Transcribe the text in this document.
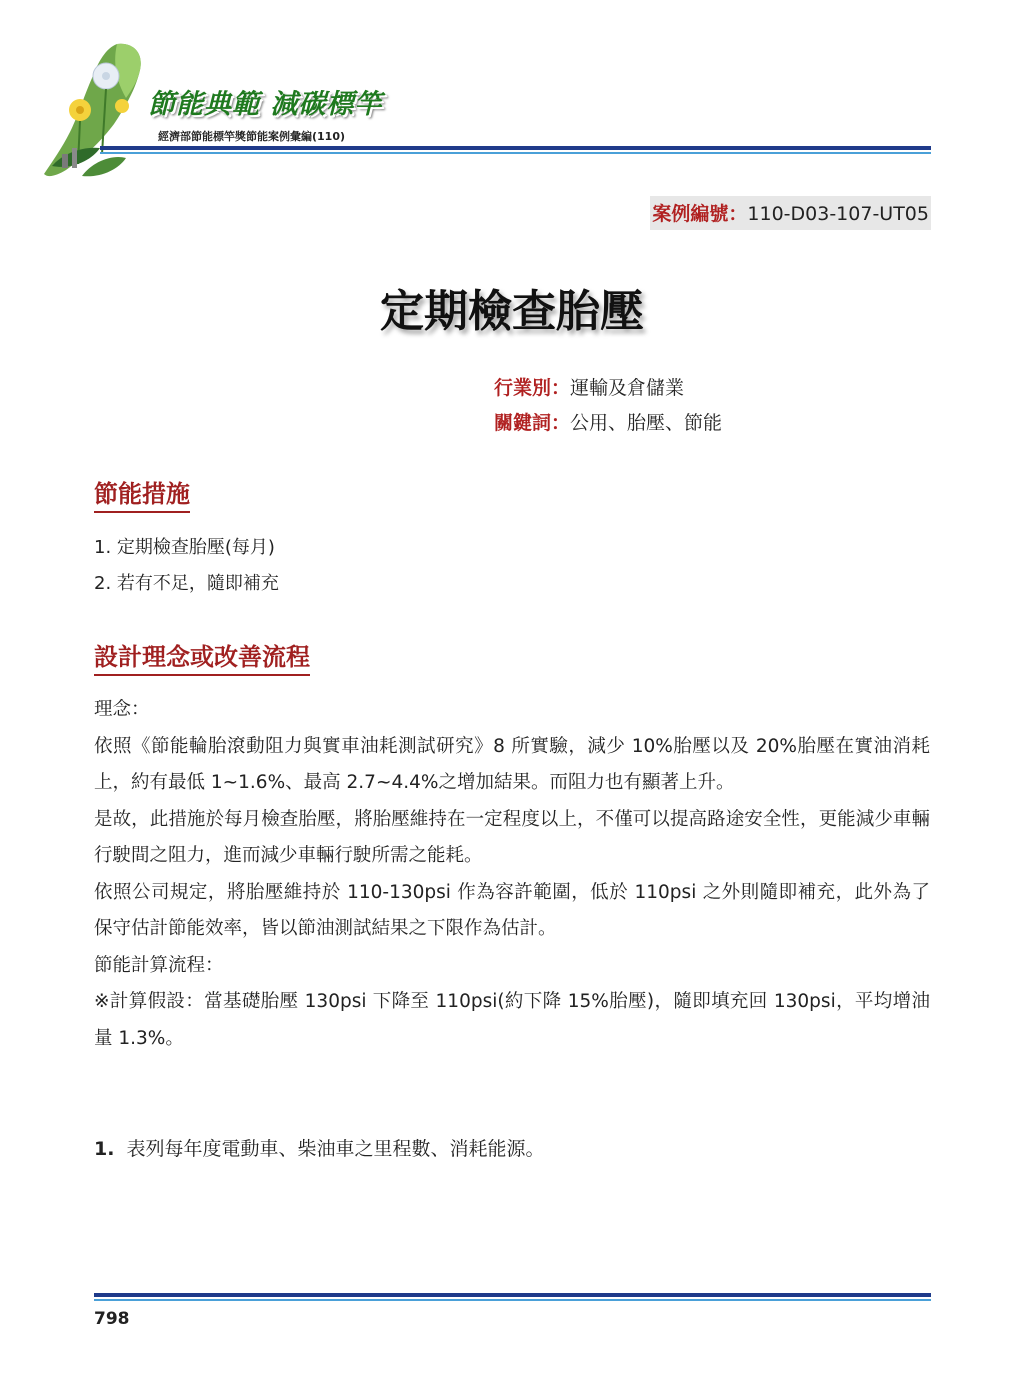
節能典範 減碳標竿
經濟部節能標竿獎節能案例彙編(110)
案例編號：110-D03-107-UT05
定期檢查胎壓
行業別：運輸及倉儲業
關鍵詞：公用、胎壓、節能
節能措施
1. 定期檢查胎壓(每月)
2. 若有不足，隨即補充
設計理念或改善流程

理念：

依照《節能輪胎滾動阻力與實車油耗測試研究》8 所實驗，減少 10%胎壓以及 20%胎壓在實油消耗上，約有最低 1~1.6%、最高 2.7~4.4%之增加結果。而阻力也有顯著上升。

是故，此措施於每月檢查胎壓，將胎壓維持在一定程度以上，不僅可以提高路途安全性，更能減少車輛行駛間之阻力，進而減少車輛行駛所需之能耗。

依照公司規定，將胎壓維持於 110-130psi 作為容許範圍，低於 110psi 之外則隨即補充，此外為了保守估計節能效率，皆以節油測試結果之下限作為估計。

節能計算流程：

※計算假設：當基礎胎壓 130psi 下降至 110psi(約下降 15%胎壓)，隨即填充回 130psi，平均增油量 1.3%。

1. 表列每年度電動車、柴油車之里程數、消耗能源。
798
